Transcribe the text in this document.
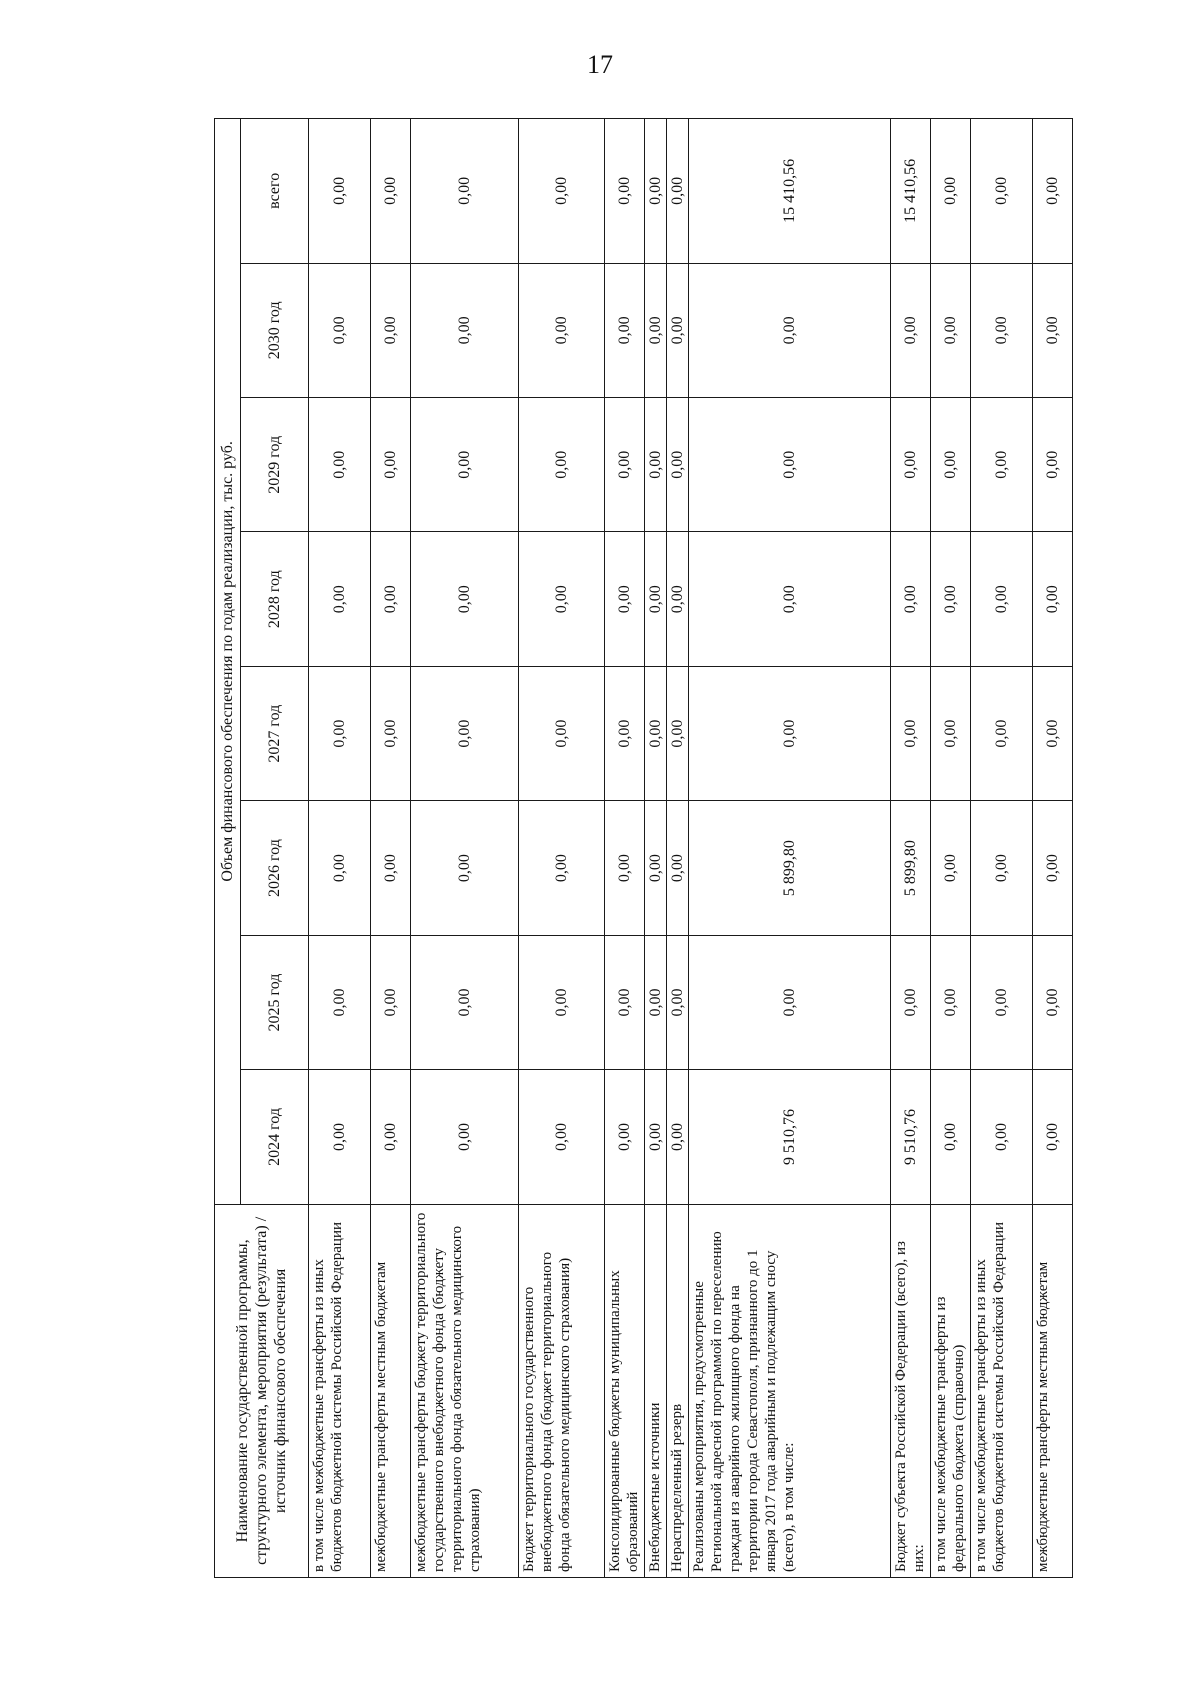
17
Наименование государственной программы, структурного элемента, мероприятия (результата) / источник финансового обеспечения	Объем финансового обеспечения по годам реализации, тыс. руб.							
	2024 год	2025 год	2026 год	2027 год	2028 год	2029 год	2030 год	всего
в том числе межбюджетные трансферты из иных бюджетов бюджетной системы Российской Федерации	0,00	0,00	0,00	0,00	0,00	0,00	0,00	0,00
межбюджетные трансферты местным бюджетам	0,00	0,00	0,00	0,00	0,00	0,00	0,00	0,00
межбюджетные трансферты бюджету территориального государственного внебюджетного фонда (бюджету территориального фонда обязательного медицинского страхования)	0,00	0,00	0,00	0,00	0,00	0,00	0,00	0,00
Бюджет территориального государственного внебюджетного фонда (бюджет территориального фонда обязательного медицинского страхования)	0,00	0,00	0,00	0,00	0,00	0,00	0,00	0,00
Консолидированные бюджеты муниципальных образований	0,00	0,00	0,00	0,00	0,00	0,00	0,00	0,00
Внебюджетные источники	0,00	0,00	0,00	0,00	0,00	0,00	0,00	0,00
Нераспределенный резерв	0,00	0,00	0,00	0,00	0,00	0,00	0,00	0,00
Реализованы мероприятия, предусмотренные Региональной адресной программой по переселению граждан из аварийного жилищного фонда на территории города Севастополя, признанного до 1 января 2017 года аварийным и подлежащим сносу (всего), в том числе:	9 510,76	0,00	5 899,80	0,00	0,00	0,00	0,00	15 410,56
Бюджет субъекта Российской Федерации (всего), из них:	9 510,76	0,00	5 899,80	0,00	0,00	0,00	0,00	15 410,56
в том числе межбюджетные трансферты из федерального бюджета (справочно)	0,00	0,00	0,00	0,00	0,00	0,00	0,00	0,00
в том числе межбюджетные трансферты из иных бюджетов бюджетной системы Российской Федерации	0,00	0,00	0,00	0,00	0,00	0,00	0,00	0,00
межбюджетные трансферты местным бюджетам	0,00	0,00	0,00	0,00	0,00	0,00	0,00	0,00
